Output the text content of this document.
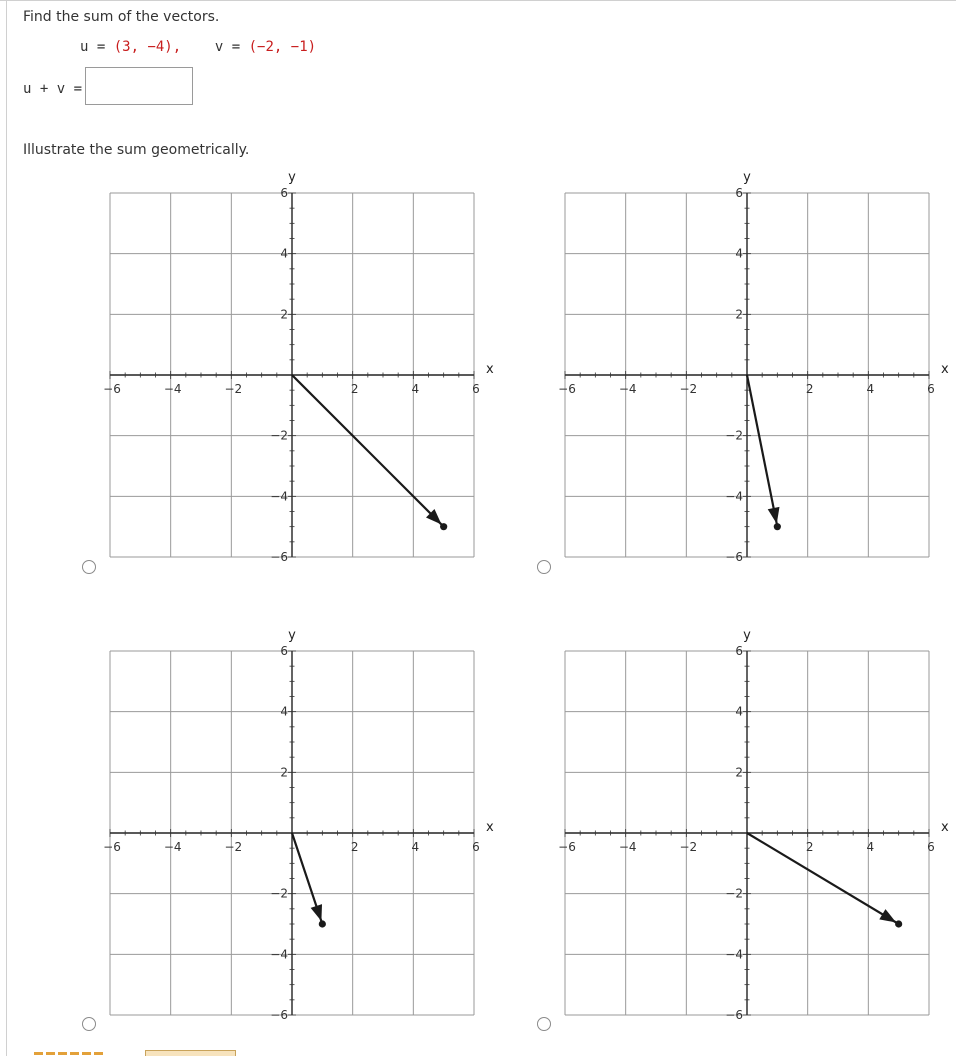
Find the sum of the vectors.
u = (3, −4), v = (−2, −1)
u + v =
Illustrate the sum geometrically.
−6	−4	−2	2	4	6
6
4
2
−2
−4
−6
x
y
−6	−4	−2	2	4	6
6
4
2
−2
−4
−6
x
y
−6	−4	−2	2	4	6
6
4
2
−2
−4
−6
x
y
−6	−4	−2	2	4	6
6
4
2
−2
−4
−6
x
y
